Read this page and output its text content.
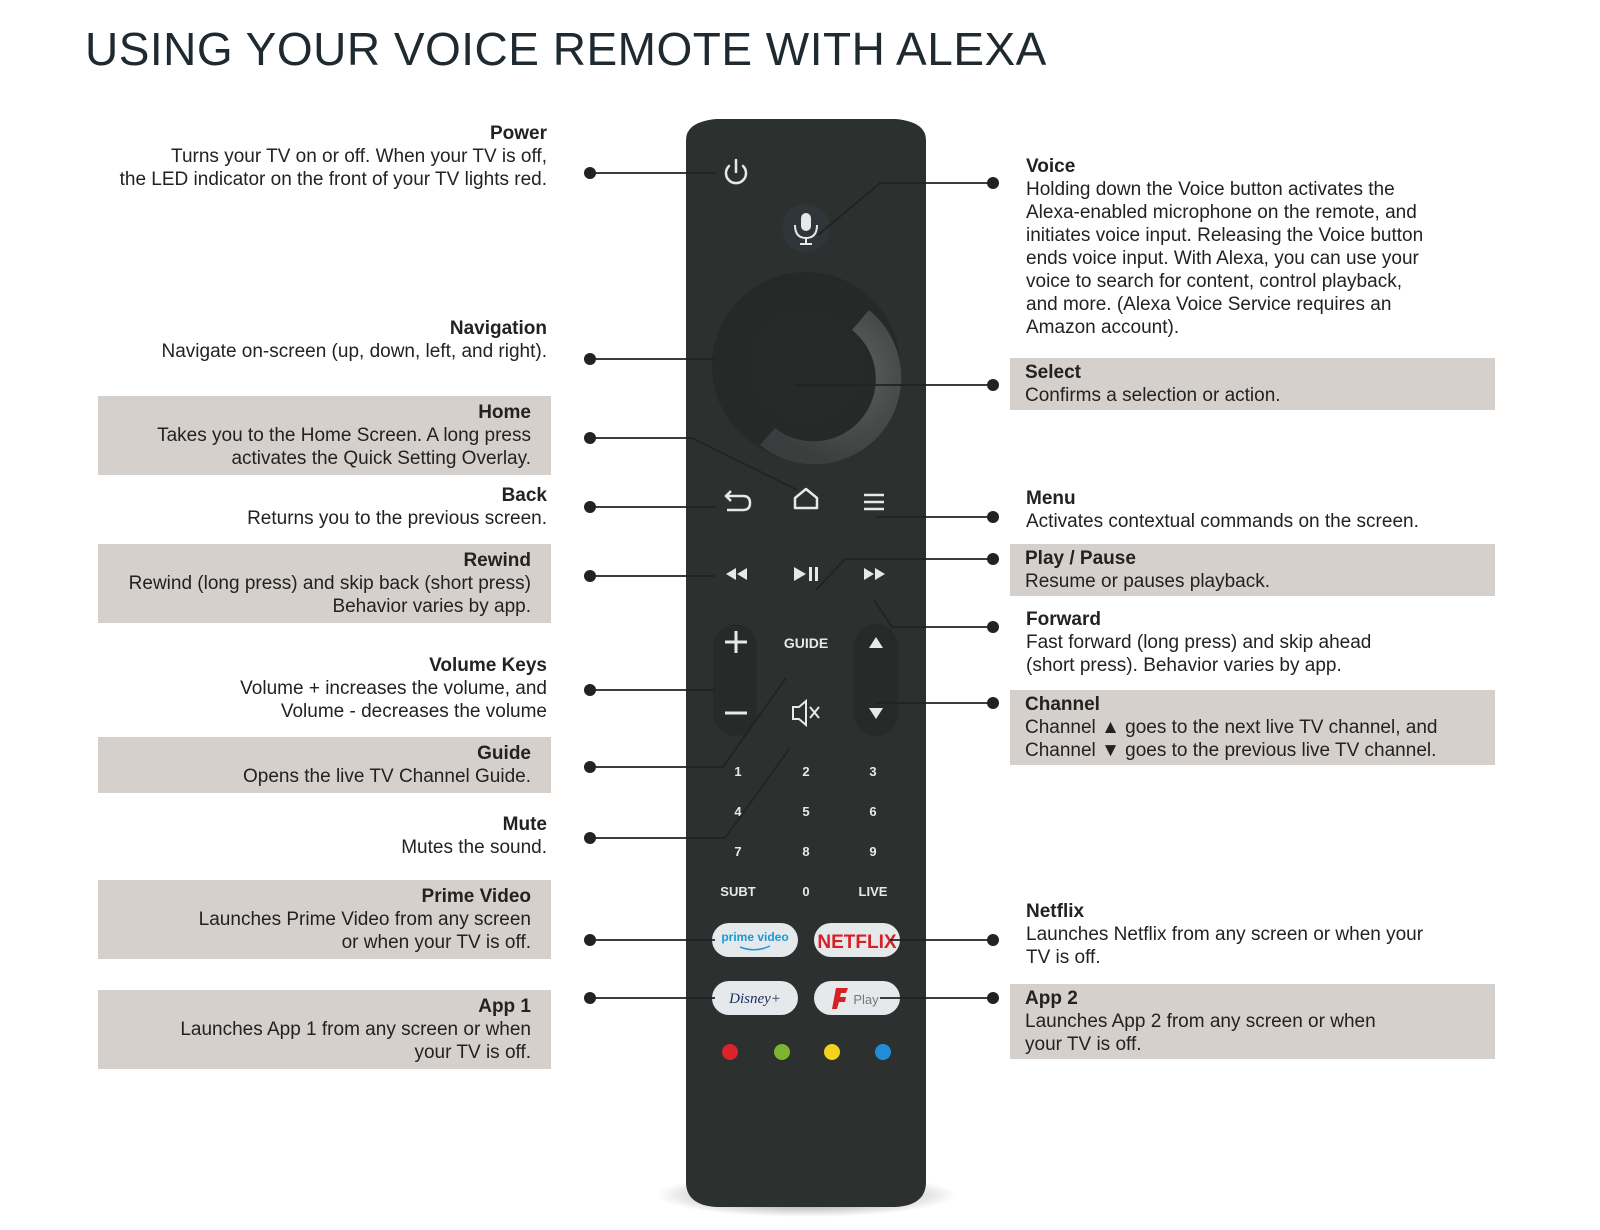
USING YOUR VOICE REMOTE WITH ALEXA
Power
Turns your TV on or off. When your TV is off,
the LED indicator on the front of your TV lights red.
Navigation
Navigate on-screen (up, down, left, and right).
Home
Takes you to the Home Screen. A long press
activates the Quick Setting Overlay.
Back
Returns you to the previous screen.
Rewind
Rewind (long press) and skip back (short press)
Behavior varies by app.
Volume Keys
Volume + increases the volume, and
Volume - decreases the volume
Guide
Opens the live TV Channel Guide.
Mute
Mutes the sound.
Prime Video
Launches Prime Video from any screen
or when your TV is off.
App 1
Launches App 1 from any screen or when
your TV is off.
Voice
Holding down the Voice button activates the
Alexa-enabled microphone on the remote, and
initiates voice input. Releasing the Voice button
ends voice input. With Alexa, you can use your
voice to search for content, control playback,
and more. (Alexa Voice Service requires an
Amazon account).
Select
Confirms a selection or action.
Menu
Activates contextual commands on the screen.
Play / Pause
Resume or pauses playback.
Forward
Fast forward (long press) and skip ahead
(short press). Behavior varies by app.
Channel
Channel ▲ goes to the next live TV channel, and
Channel ▼ goes to the previous live TV channel.
Netflix
Launches Netflix from any screen or when your
TV is off.
App 2
Launches App 2 from any screen or when
your TV is off.
GUIDE
1	2	3
4	5	6
7	8	9
SUBT	0	LIVE
prime video NETFLIX
Disney+	Play
